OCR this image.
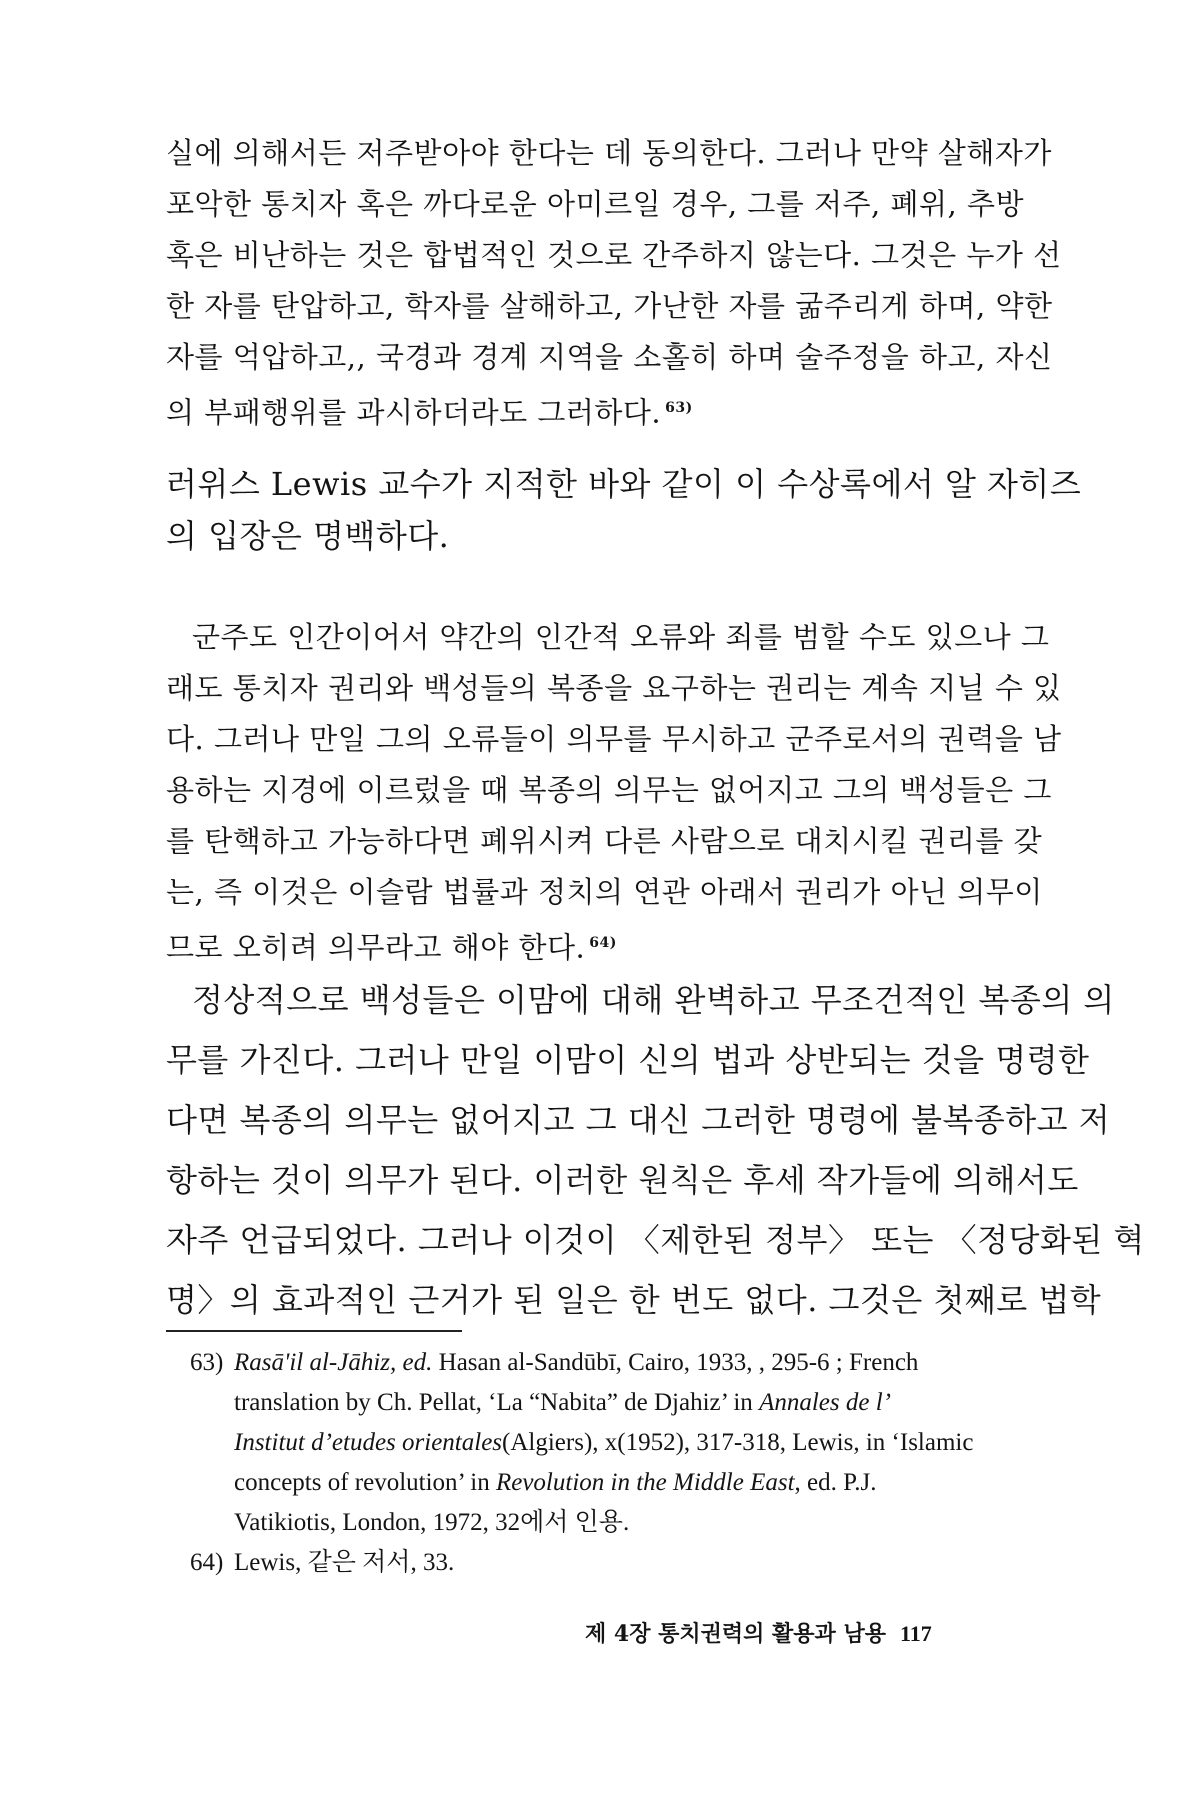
실에 의해서든 저주받아야 한다는 데 동의한다. 그러나 만약 살해자가
포악한 통치자 혹은 까다로운 아미르일 경우, 그를 저주, 폐위, 추방
혹은 비난하는 것은 합법적인 것으로 간주하지 않는다. 그것은 누가 선
한 자를 탄압하고, 학자를 살해하고, 가난한 자를 굶주리게 하며, 약한
자를 억압하고,, 국경과 경계 지역을 소홀히 하며 술주정을 하고, 자신
의 부패행위를 과시하더라도 그러하다. $^{63)}$
러위스 Lewis 교수가 지적한 바와 같이 이 수상록에서 알 자히즈
의 입장은 명백하다.
군주도 인간이어서 약간의 인간적 오류와 죄를 범할 수도 있으나 그
래도 통치자 권리와 백성들의 복종을 요구하는 권리는 계속 지닐 수 있
다. 그러나 만일 그의 오류들이 의무를 무시하고 군주로서의 권력을 남
용하는 지경에 이르렀을 때 복종의 의무는 없어지고 그의 백성들은 그
를 탄핵하고 가능하다면 폐위시켜 다른 사람으로 대치시킬 권리를 갖
는, 즉 이것은 이슬람 법률과 정치의 연관 아래서 권리가 아닌 의무이
므로 오히려 의무라고 해야 한다. $^{64)}$
정상적으로 백성들은 이맘에 대해 완벽하고 무조건적인 복종의 의
무를 가진다. 그러나 만일 이맘이 신의 법과 상반되는 것을 명령한
다면 복종의 의무는 없어지고 그 대신 그러한 명령에 불복종하고 저
항하는 것이 의무가 된다. 이러한 원칙은 후세 작가들에 의해서도
자주 언급되었다. 그러나 이것이 〈제한된 정부〉 또는 〈정당화된 혁
명〉의 효과적인 근거가 된 일은 한 번도 없다. 그것은 첫째로 법학
63) Rasā'il al-Jāhiz, ed. Hasan al-Sandūbī, Cairo, 1933, , 295-6 ; French
translation by Ch. Pellat, ‘La “Nabita” de Djahiz’ in Annales de l’
Institut d’etudes orientales(Algiers), x(1952), 317-318, Lewis, in ‘Islamic
concepts of revolution’ in Revolution in the Middle East, ed. P.J.
Vatikiotis, London, 1972, 32에서 인용.
64) Lewis, 같은 저서, 33.
제 4장 통치권력의 활용과 남용 117
